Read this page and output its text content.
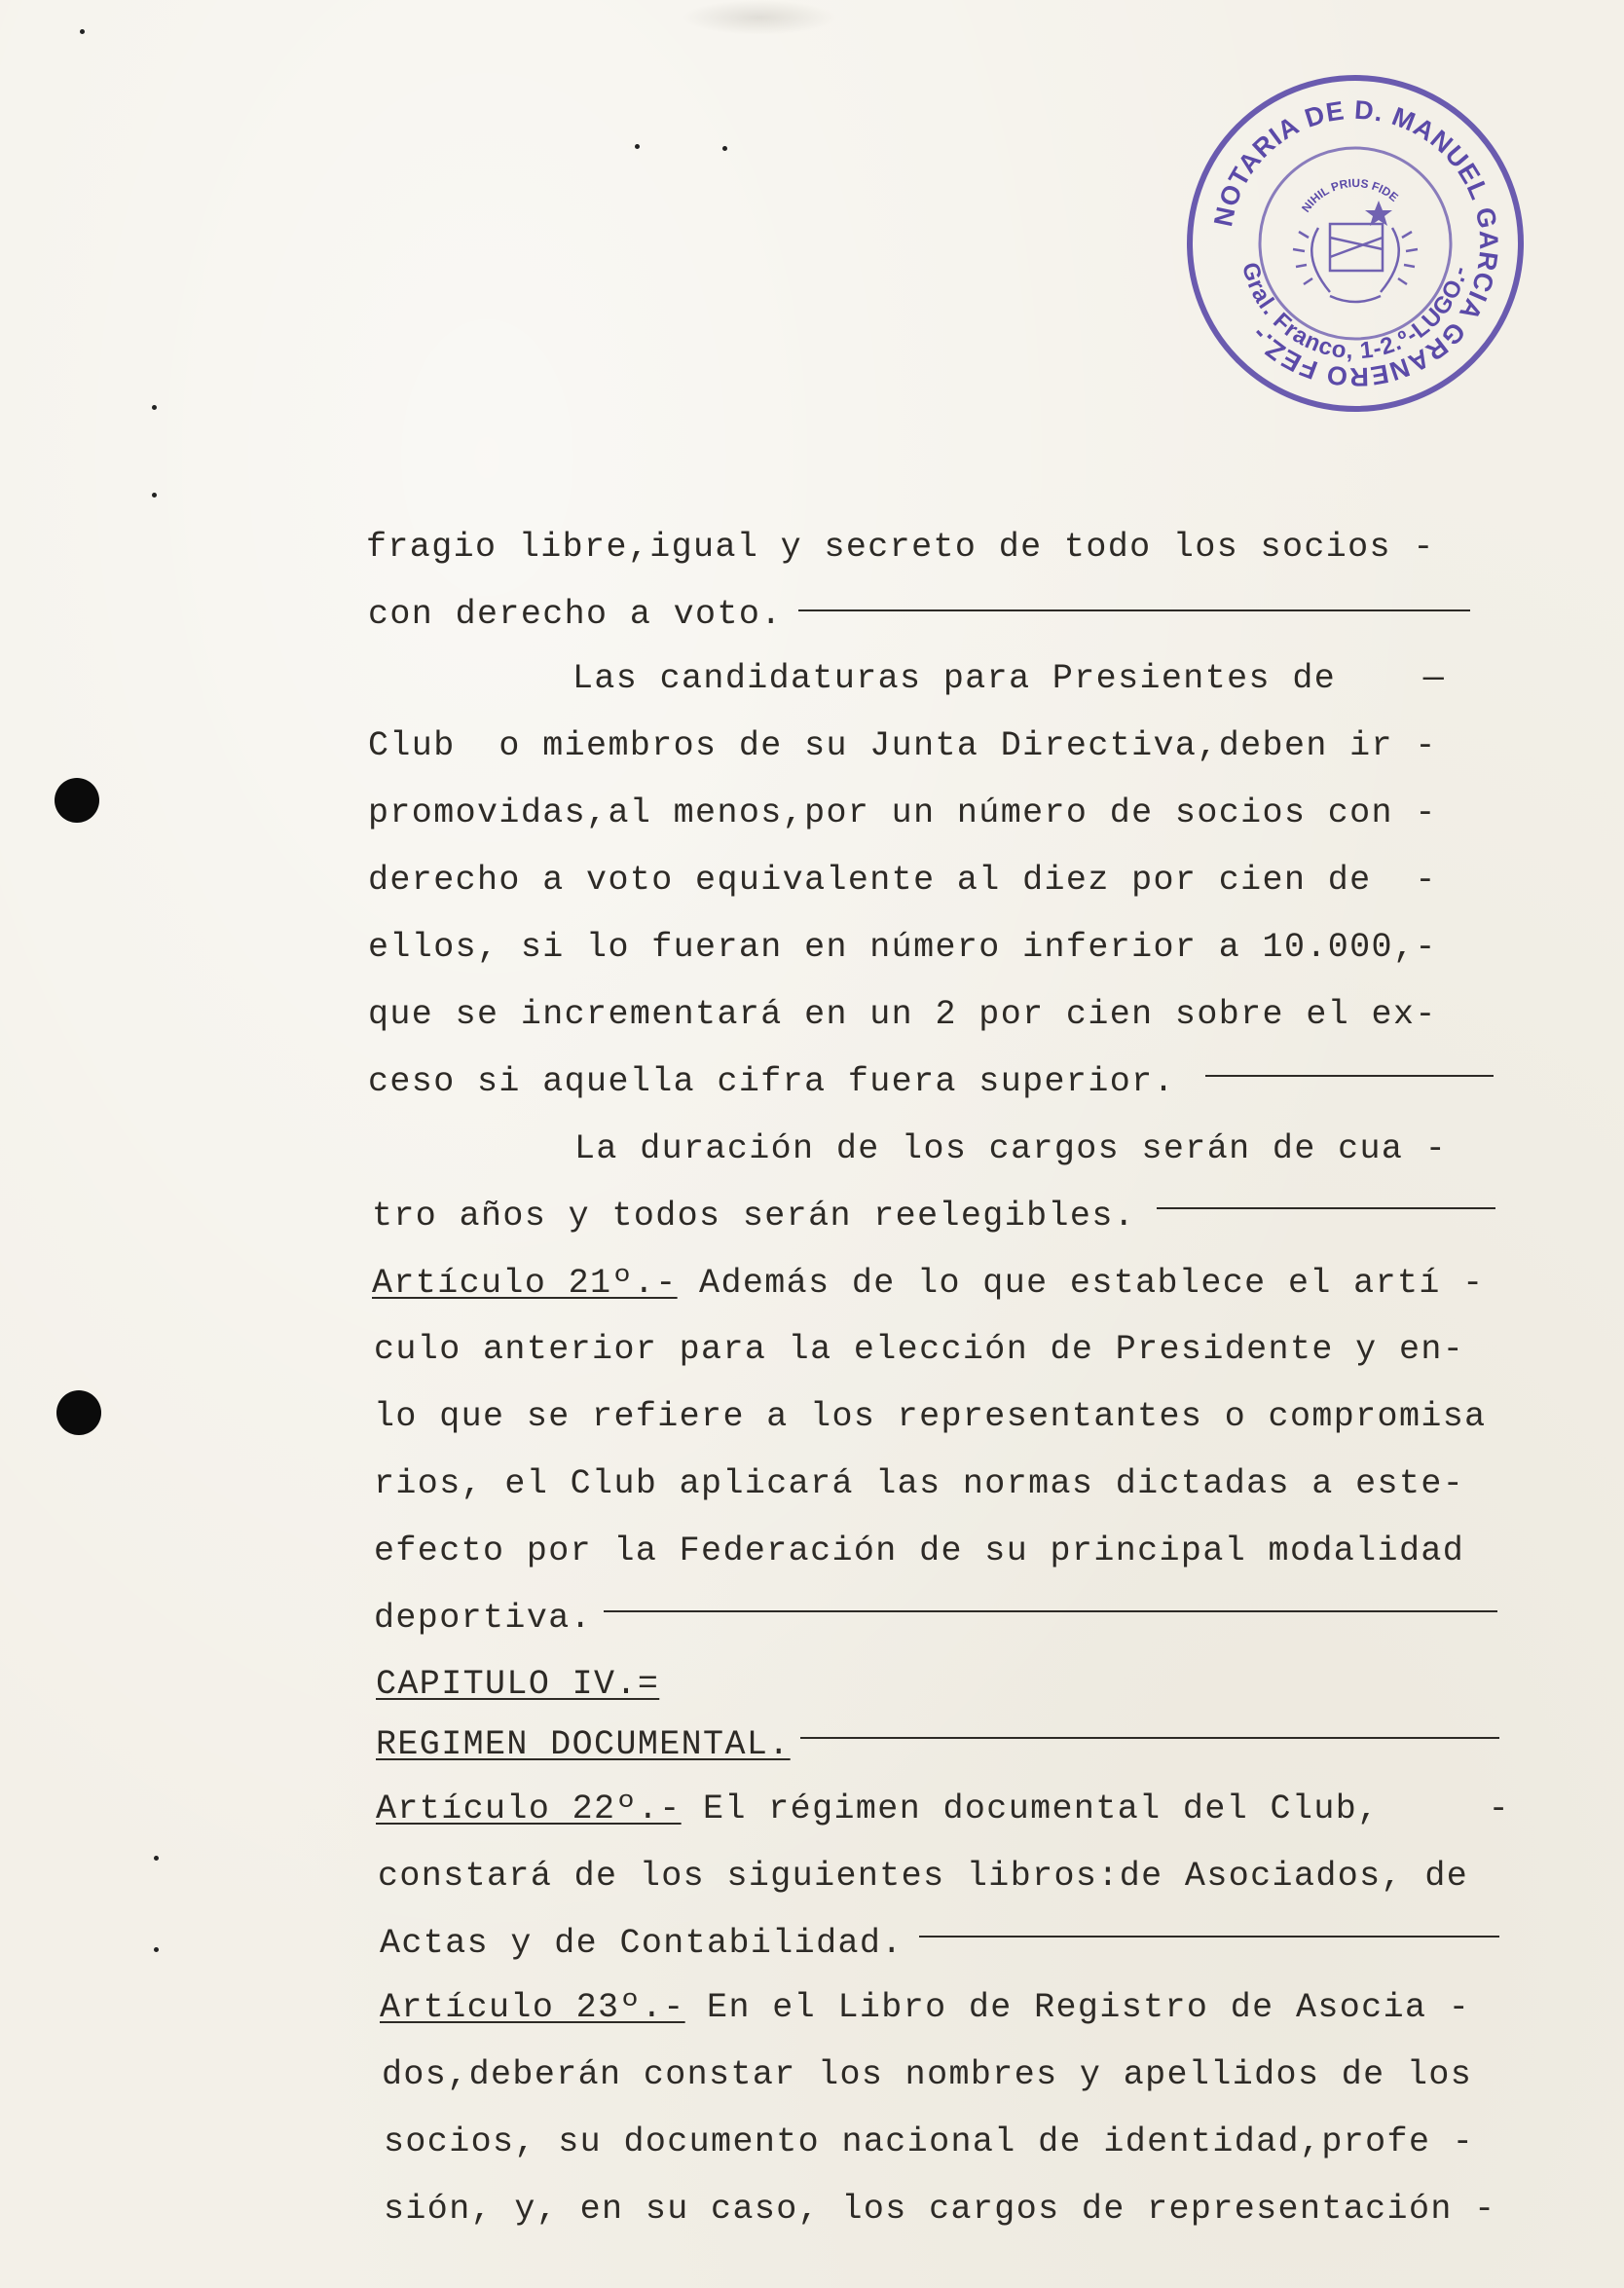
NOTARIA DE D. MANUEL GARCIA GRANERO FEZ.-
Gral. Franco, 1-2.º-LUGO.-
NIHIL PRIUS FIDE
fragio libre,igual y secreto de todo los socios -
con derecho a voto.
Las candidaturas para Presientes de    —
Club  o miembros de su Junta Directiva,deben ir -
promovidas,al menos,por un número de socios con -
derecho a voto equivalente al diez por cien de  -
ellos, si lo fueran en número inferior a 10.000,-
que se incrementará en un 2 por cien sobre el ex-
ceso si aquella cifra fuera superior.
La duración de los cargos serán de cua -
tro años y todos serán reelegibles.
Artículo 21º.- Además de lo que establece el artí -
culo anterior para la elección de Presidente y en-
lo que se refiere a los representantes o compromisa
rios, el Club aplicará las normas dictadas a este-
efecto por la Federación de su principal modalidad
deportiva.
CAPITULO IV.=
REGIMEN DOCUMENTAL.
Artículo 22º.- El régimen documental del Club,     -
constará de los siguientes libros:de Asociados, de
Actas y de Contabilidad.
Artículo 23º.- En el Libro de Registro de Asocia -
dos,deberán constar los nombres y apellidos de los
socios, su documento nacional de identidad,profe -
sión, y, en su caso, los cargos de representación -
